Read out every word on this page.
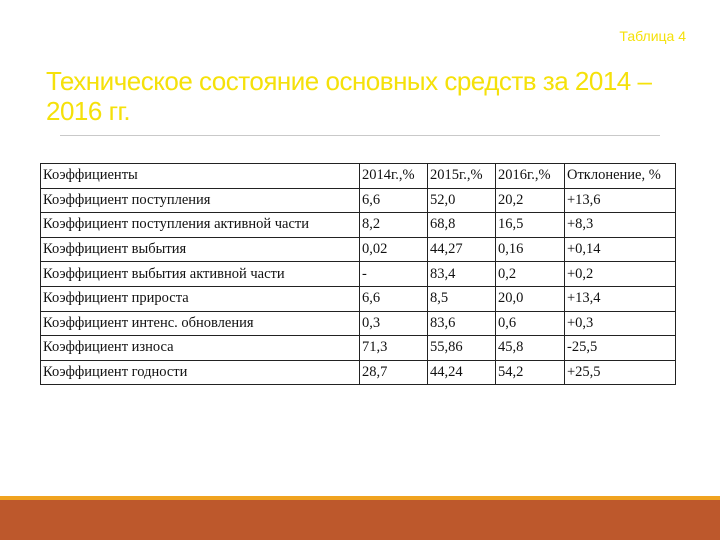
Таблица 4
Техническое состояние основных средств за 2014 – 2016 гг.
Коэффициенты	2014г.,%	2015г.,%	2016г.,%	Отклонение, %
Коэффициент поступления	6,6	52,0	20,2	+13,6
Коэффициент поступления активной части	8,2	68,8	16,5	+8,3
Коэффициент выбытия	0,02	44,27	0,16	+0,14
Коэффициент выбытия активной части	-	83,4	0,2	+0,2
Коэффициент прироста	6,6	8,5	20,0	+13,4
Коэффициент интенс. обновления	0,3	83,6	0,6	+0,3
Коэффициент износа	71,3	55,86	45,8	-25,5
Коэффициент годности	28,7	44,24	54,2	+25,5
